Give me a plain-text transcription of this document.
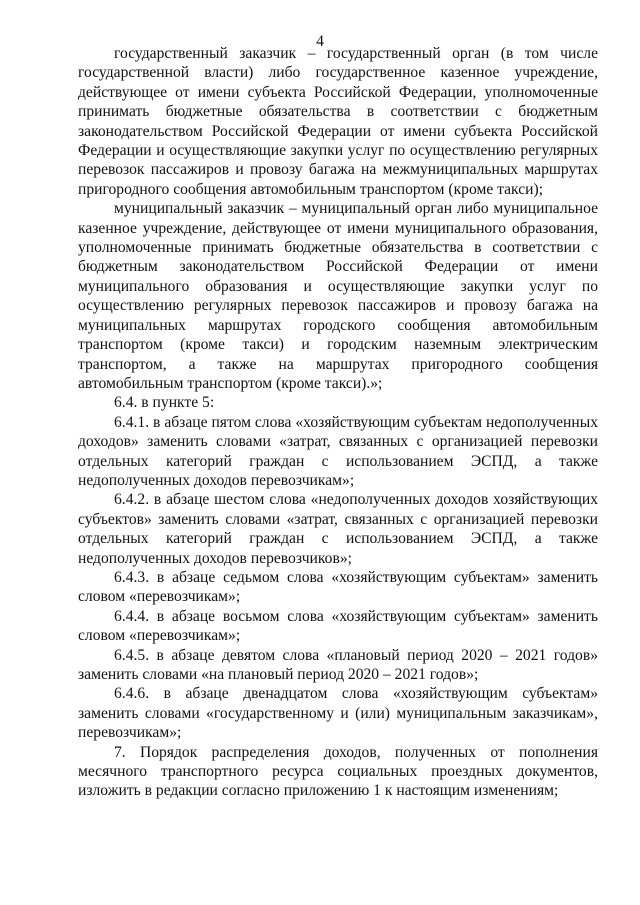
4

государственный заказчик – государственный орган (в том числе государственной власти) либо государственное казенное учреждение, действующее от имени субъекта Российской Федерации, уполномоченные принимать бюджетные обязательства в соответствии с бюджетным законодательством Российской Федерации от имени субъекта Российской Федерации и осуществляющие закупки услуг по осуществлению регулярных перевозок пассажиров и провозу багажа на межмуниципальных маршрутах пригородного сообщения автомобильным транспортом (кроме такси);

муниципальный заказчик – муниципальный орган либо муниципальное казенное учреждение, действующее от имени муниципального образования, уполномоченные принимать бюджетные обязательства в соответствии с бюджетным законодательством Российской Федерации от имени муниципального образования и осуществляющие закупки услуг по осуществлению регулярных перевозок пассажиров и провозу багажа на муниципальных маршрутах городского сообщения автомобильным транспортом (кроме такси) и городским наземным электрическим транспортом, а также на маршрутах пригородного сообщения автомобильным транспортом (кроме такси).»;

6.4. в пункте 5:

6.4.1. в абзаце пятом слова «хозяйствующим субъектам недополученных доходов» заменить словами «затрат, связанных с организацией перевозки отдельных категорий граждан с использованием ЭСПД, а также недополученных доходов перевозчикам»;

6.4.2. в абзаце шестом слова «недополученных доходов хозяйствующих субъектов» заменить словами «затрат, связанных с организацией перевозки отдельных категорий граждан с использованием ЭСПД, а также недополученных доходов перевозчиков»;

6.4.3. в абзаце седьмом слова «хозяйствующим субъектам» заменить словом «перевозчикам»;

6.4.4. в абзаце восьмом слова «хозяйствующим субъектам» заменить словом «перевозчикам»;

6.4.5. в абзаце девятом слова «плановый период 2020 – 2021 годов» заменить словами «на плановый период 2020 – 2021 годов»;

6.4.6. в абзаце двенадцатом слова «хозяйствующим субъектам» заменить словами «государственному и (или) муниципальным заказчикам», перевозчикам»;

7. Порядок распределения доходов, полученных от пополнения месячного транспортного ресурса социальных проездных документов, изложить в редакции согласно приложению 1 к настоящим изменениям;
